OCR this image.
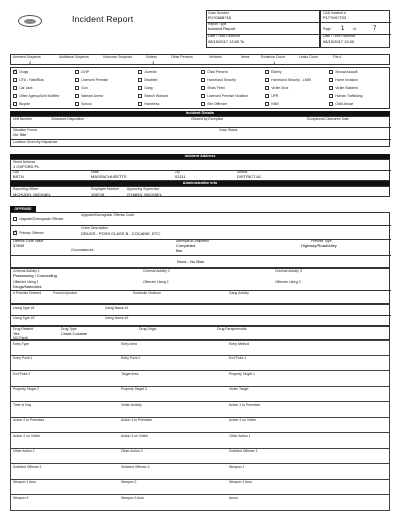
Incident Report
Case Number
R1?0668?18
Report Type
Incident Report
Date / Time Occurred
08/19/2017 13:00 To
CAD Incident #
P17?K0?703
Page 1	of	7
Date / Time Reported
08/19/2017 13:00
Arrested Suspects
2
Additional Suspects	Unknown Suspects	Victims
1
Other Persons	Vehicles	Items	Evidence Count
1
Leaks Count	File #
✓Drugs	DVIP	Juvenile	Child Present	Elderly	Sexual Assault
CFU - Hate/Bias	Licensed Premise	Disabled	Homeland Security	Homeland Security - LM/B	Home Invasion
Car Jack	Gun	Gang	Shots Fired	Victim Shot	Victim Stabbed
Other Agency/Unit Notified	Warrant Arrest	Search Warrant	Licensed Premise Violation	UPR	Human Trafficking
Bicycle	School	Homeless	Sex Offender	NIBV	Child Abuse
Incident Details
Unit Number	Clearance Disposition	Cleared by Exception	Exceptional Clearance Date
Situation Found
On Site
Case Status
Location Given By Dispatcher
Incident Address
Street Address
1 OXFORD PL
City
BSTN
State
MASSACHUSETTS
Zip
02111
District
DISTRICT A1
Administrative Info
Reporting Officer
MCHUGH, MICHAEL
Employee Number
106718
Approving Supervisor
O'HARA, MICHAEL
OFFENSE
Upgrade/Downgrade Offense
Upgrade/Downgrade Offense Code
✓Primary Offense
Crime Description
DRUGS - POSS CLASS B - COCAINE, ETC.
Offense Code Value
3?849
Attempted/Completed
Completed
Premise Type
Highway/Road/Alley
Circumstances	Bar
None - No Bias
Criminal Activity 1	Criminal Activity 2	Criminal Activity 3
Possessing / Concealing
Offender Using 1	Offender Using 2	Offender Using 3
Drugs/Narcotics
# Premise Entered	Forced Injuction	Domestic Violence	Gang Activity
Using Type #1	Using Name #1
Using Type #2	Using Name #2
Drug Related	Drug Type	Drug Origin	Drug Paraphernalia
Yes	Crack Cocaine
MO Panel
Entry Type	Entry Area	Entry Method
Entry Point 1	Entry Point 2	Exit Point 1
Exit Point 2	Target Area	Property Target 1
Property Target 2	Property Target 3	Victim Target
Time of Day	Victim Activity	Action 1 to Premises
Action 2 to Premises	Action 3 to Premises	Action 1 on Victim
Action 2 on Victim	Action 3 on Victim	Other Action 1
Other Action 2	Other Action 3	Solicited Offense 1
Solicited Offense 2	Solicited Offense 3	Weapon 1
Weapon 1 Auto	Weapon 2	Weapon 2 Auto
Weapon 3	Weapon 3 Auto	Arson
